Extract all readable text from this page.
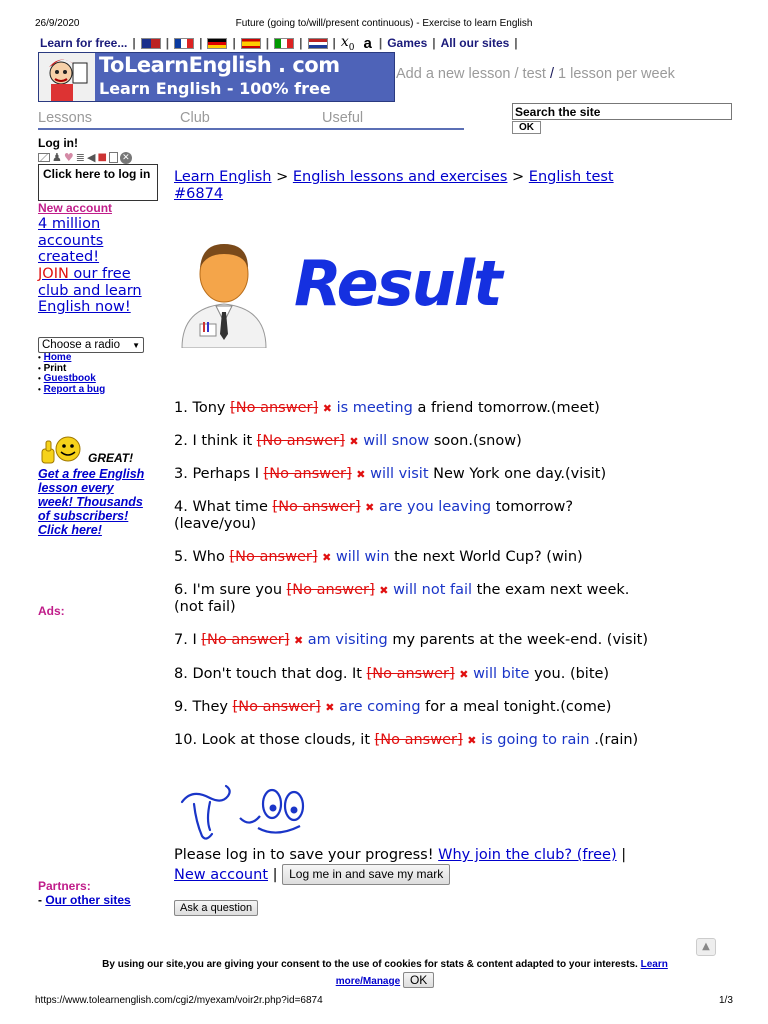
26/9/2020	Future (going to/will/present continuous) - Exercise to learn English
Learn for free... |	|	|	|	|	|	| $x_0$ a | Games | All our sites |
ToLearnEnglish . com
Learn English - 100% free
Add a new lesson / test / 1 lesson per week
Lessons	Club	Useful	Search the site
OK
Log in!
♟ ♥ ≣ ◀ ■ ✕
Click here to log in
New account
4 million
accounts
created!
JOIN our free
club and learn
English now!
Choose a radio ▼
• Home
• Print
• Guestbook
• Report a bug
GREAT!
Get a free English
lesson every
week! Thousands
of subscribers!
Click here!
Ads:
Partners:
- Our other sites
Learn English > English lessons and exercises > English test
#6874
Result
1. Tony [No answer] ✖ is meeting a friend tomorrow.(meet)
2. I think it [No answer] ✖ will snow soon.(snow)
3. Perhaps I [No answer] ✖ will visit New York one day.(visit)
4. What time [No answer] ✖ are you leaving tomorrow?
(leave/you)
5. Who [No answer] ✖ will win the next World Cup? (win)
6. I'm sure you [No answer] ✖ will not fail the exam next week.
(not fail)
7. I [No answer] ✖ am visiting my parents at the week-end. (visit)
8. Don't touch that dog. It [No answer] ✖ will bite you. (bite)
9. They [No answer] ✖ are coming for a meal tonight.(come)
10. Look at those clouds, it [No answer] ✖ is going to rain .(rain)
Please log in to save your progress! Why join the club? (free) |
New account | Log me in and save my mark
Ask a question
▲
By using our site,you are giving your consent to the use of cookies for stats & content adapted to your interests. Learn
more/Manage OK
https://www.tolearnenglish.com/cgi2/myexam/voir2r.php?id=6874	1/3
